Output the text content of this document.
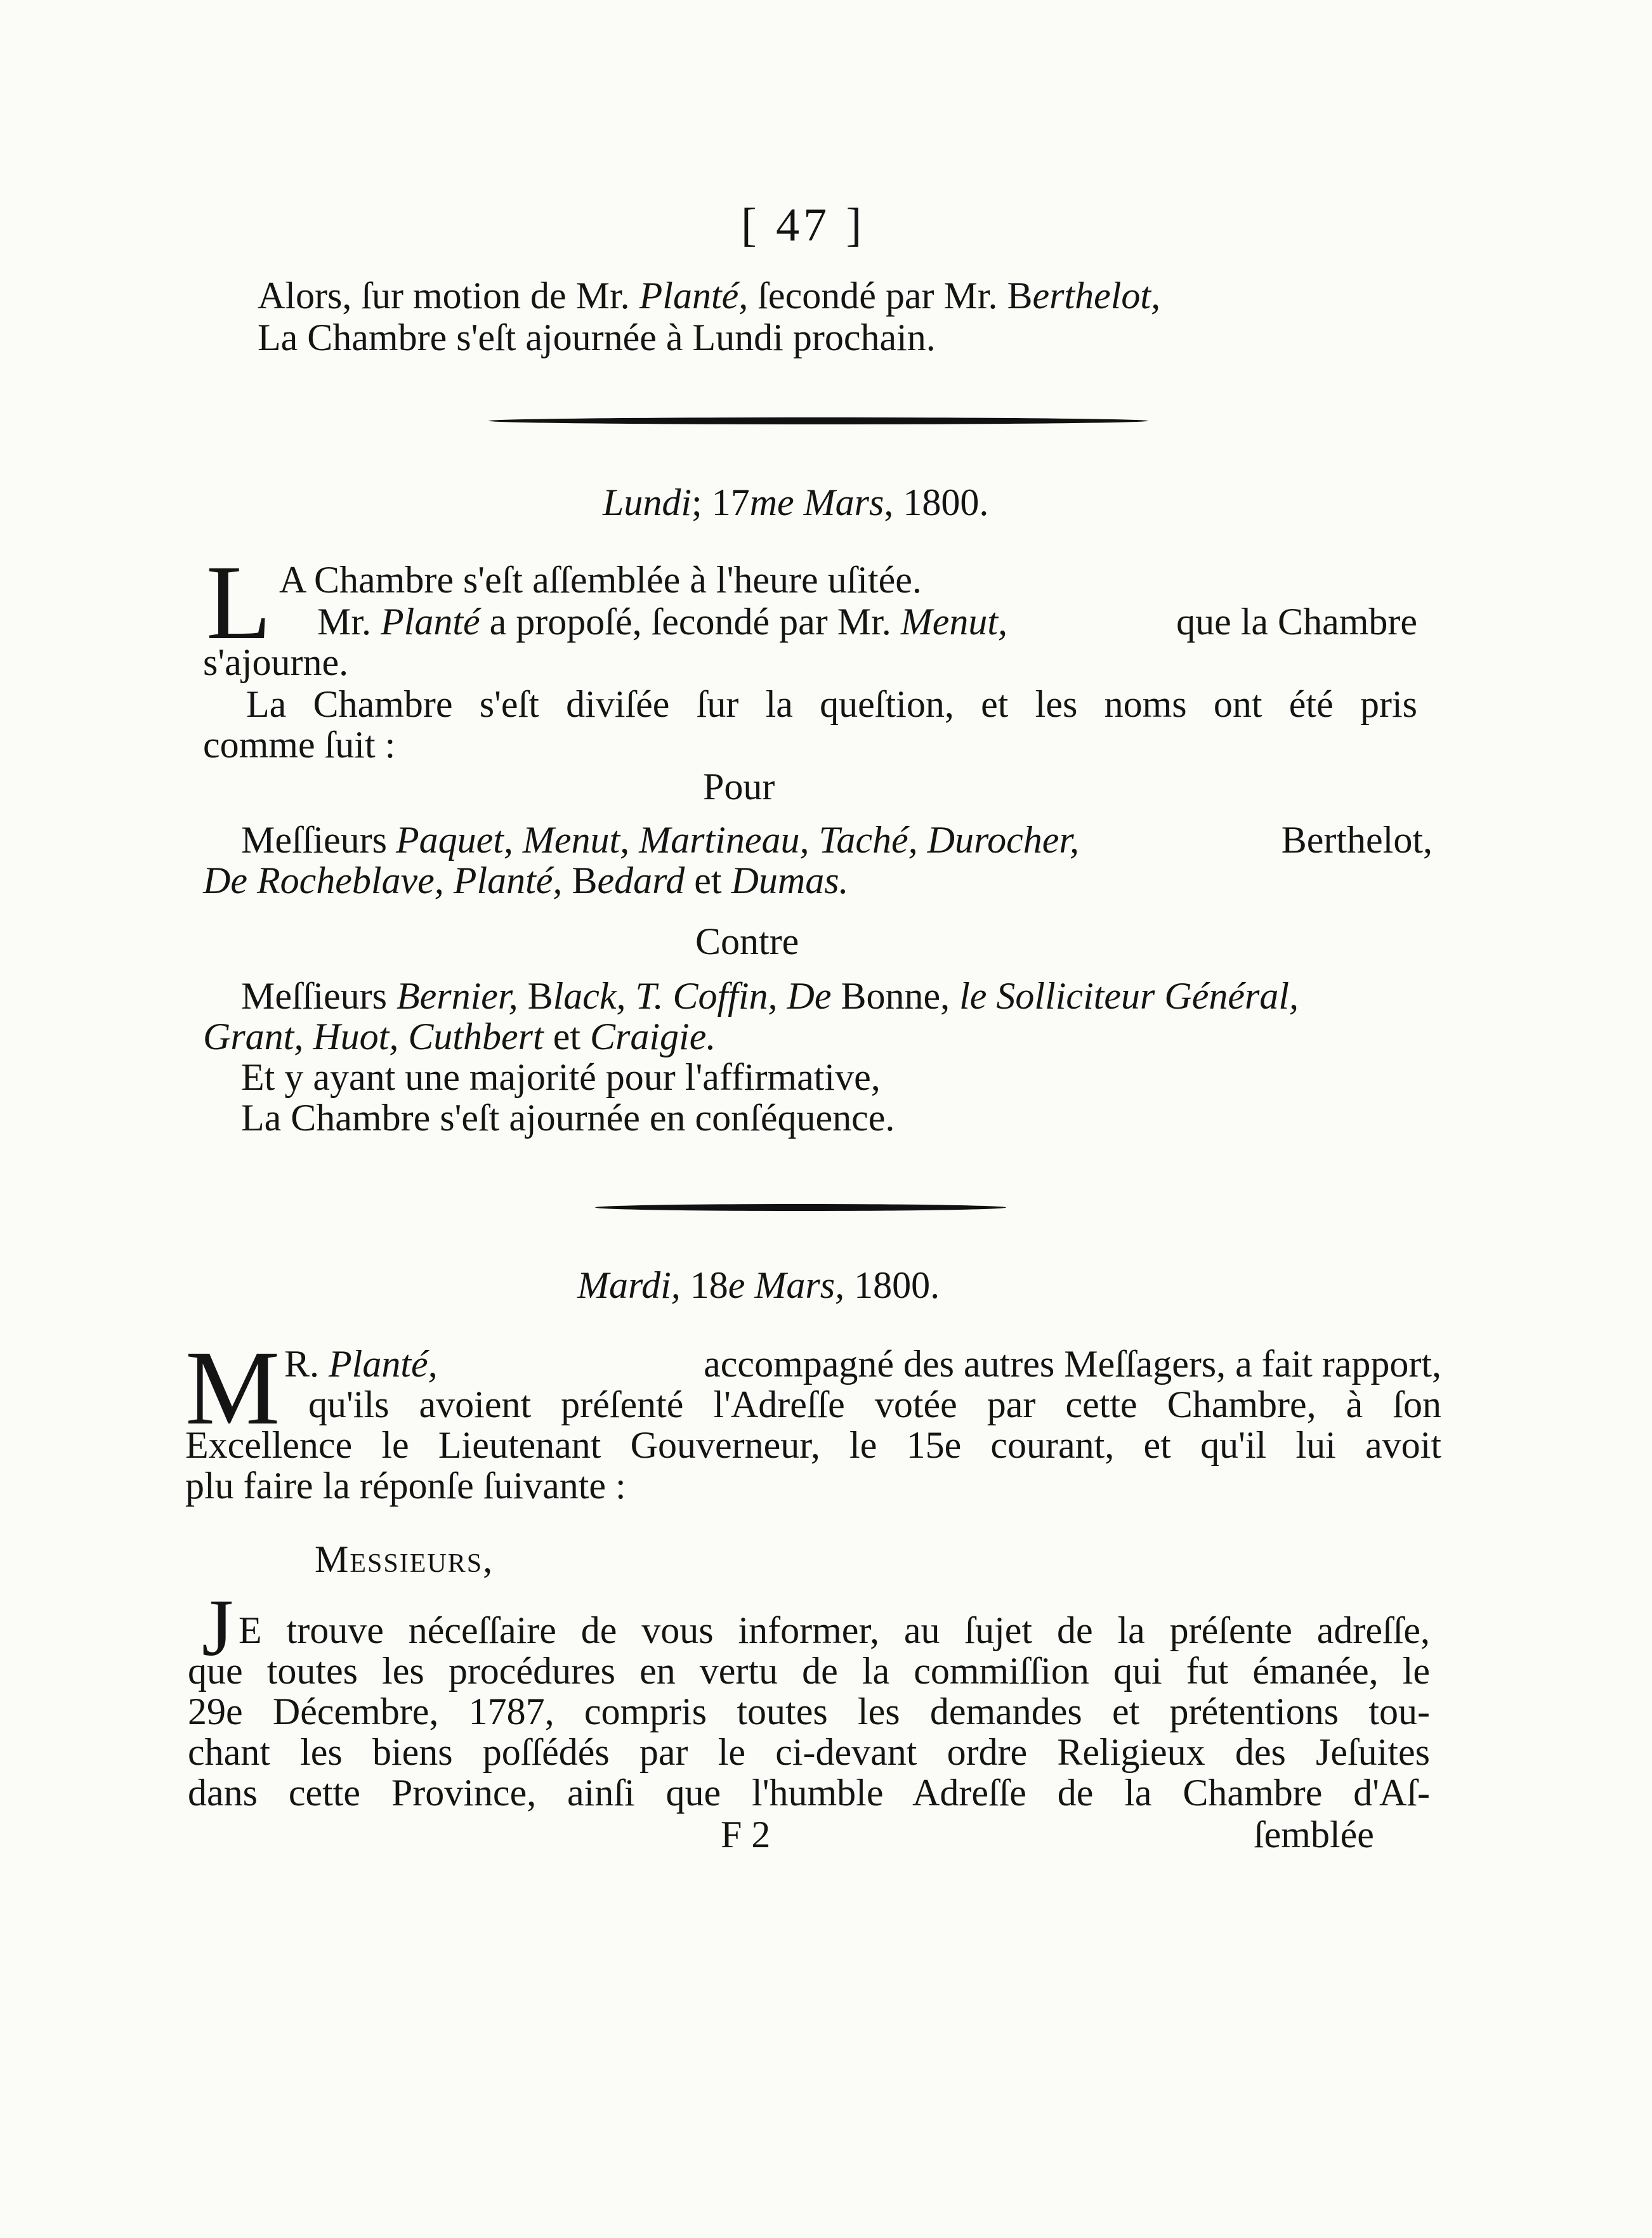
[ 47 ]
Alors, ſur motion de Mr. Planté, ſecondé par Mr. Berthelot,
La Chambre s'eſt ajournée à Lundi prochain.
Lundi; 17me Mars, 1800.
L A Chambre s'eſt aſſemblée à l'heure uſitée.
Mr. Planté a propoſé, ſecondé par Mr. Menut,	que la Chambre
s'ajourne.
La Chambre s'eſt diviſée ſur la queſtion, et les noms ont été pris
comme ſuit :
Pour
Meſſieurs Paquet, Menut, Martineau, Taché, Durocher,	Berthelot,
De Rocheblave, Planté, Bedard et Dumas.
Contre
Meſſieurs Bernier, Black, T. Coffin, De Bonne, le Solliciteur Général,
Grant, Huot, Cuthbert et Craigie.
Et y ayant une majorité pour l'affirmative,
La Chambre s'eſt ajournée en conſéquence.
Mardi, 18e Mars, 1800.
M R. Planté,	accompagné des autres Meſſagers, a fait rapport,
qu'ils avoient préſenté l'Adreſſe votée par cette Chambre, à ſon
Excellence le Lieutenant Gouverneur, le 15e courant, et qu'il lui avoit
plu faire la réponſe ſuivante :
Messieurs,
J E trouve néceſſaire de vous informer, au ſujet de la préſente adreſſe,
que toutes les procédures en vertu de la commiſſion qui fut émanée, le
29e Décembre, 1787, compris toutes les demandes et prétentions tou-
chant les biens poſſédés par le ci-devant ordre Religieux des Jeſuites
dans cette Province, ainſi que l'humble Adreſſe de la Chambre d'Aſ-
F 2	ſemblée
